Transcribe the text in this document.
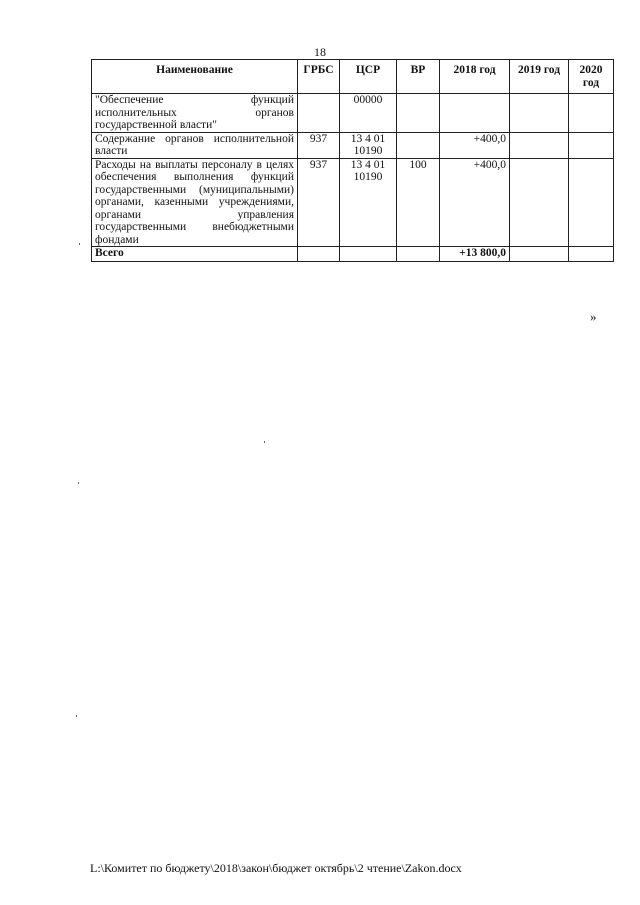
18
Наименование	ГРБС	ЦСР	ВР	2018 год	2019 год	2020 год
"Обеспечение функций исполнительных органов государственной власти"		00000				
Содержание органов исполнительной власти	937	13 4 01 10190		+400,0		
Расходы на выплаты персоналу в целях обеспечения выполнения функций государственными (муниципальными) органами, казенными учреждениями, органами управления государственными внебюджетными фондами	937	13 4 01 10190	100	+400,0		
Всего				+13 800,0		
»
L:\Комитет по бюджету\2018\закон\бюджет октябрь\2 чтение\Zakon.docx
